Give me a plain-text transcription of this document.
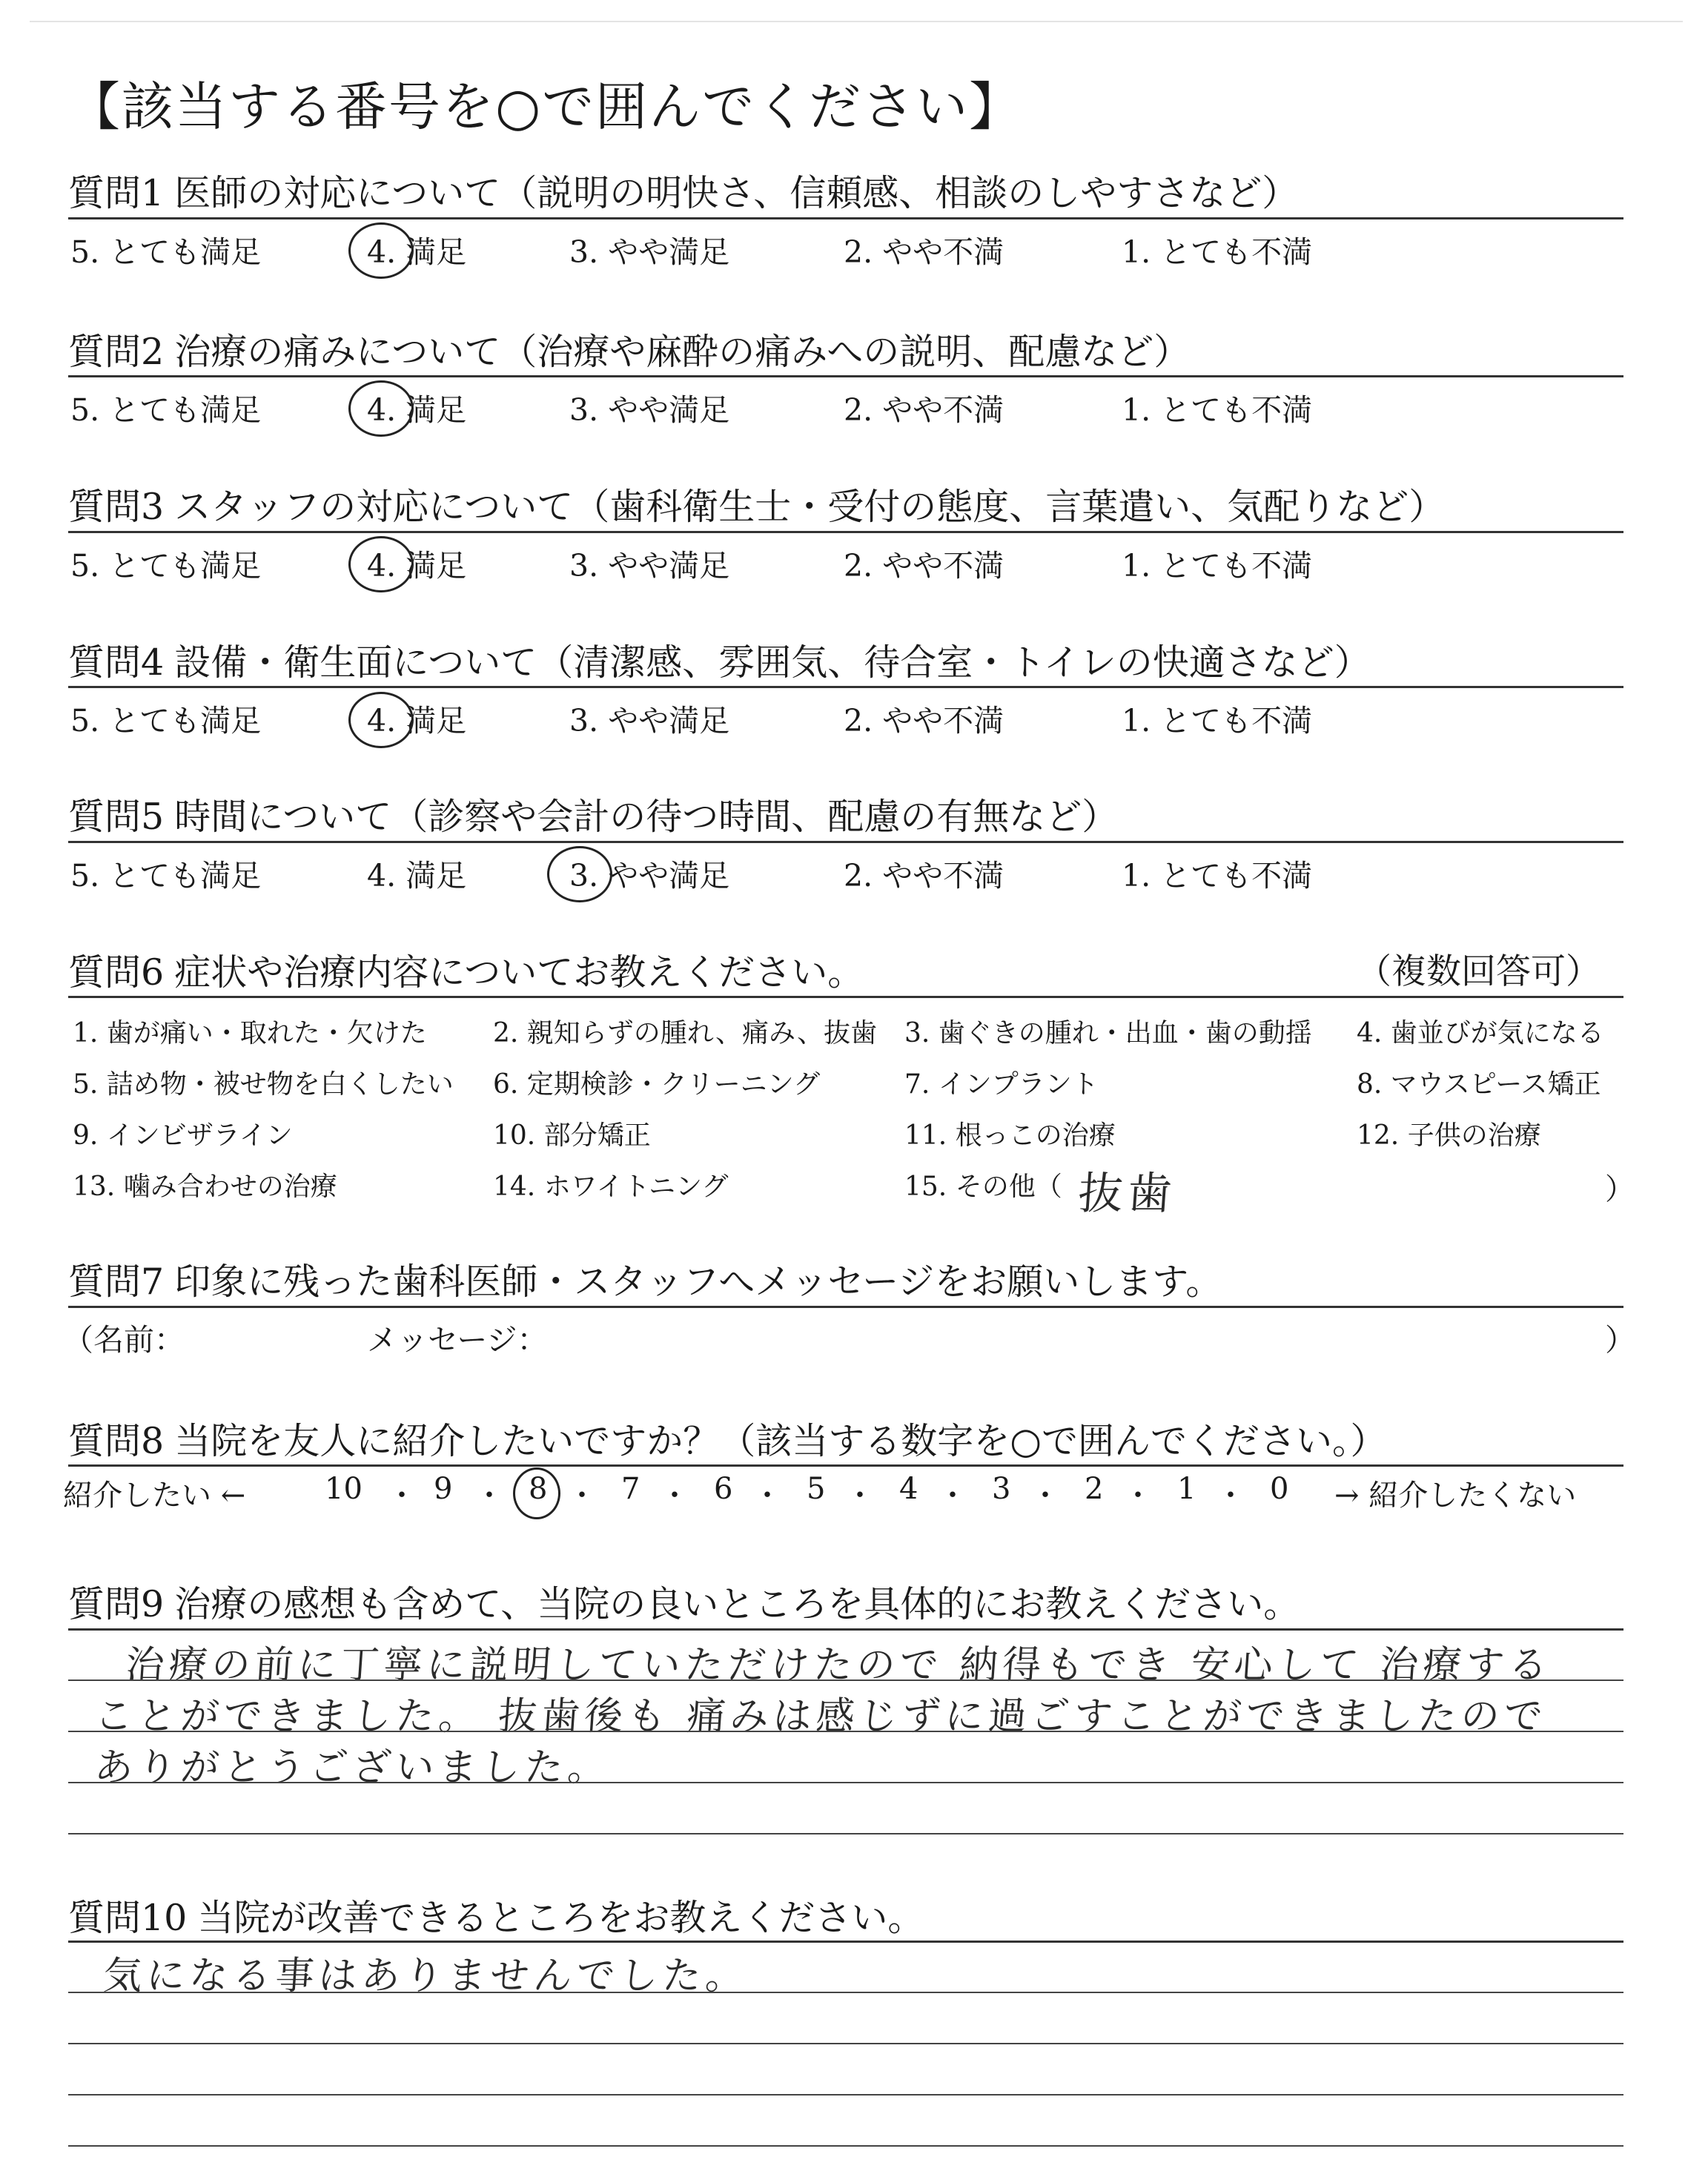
【該当する番号を○で囲んでください】
質問1 医師の対応について（説明の明快さ、信頼感、相談のしやすさなど）
5. とても満足	4. 満足	3. やや満足	2. やや不満	1. とても不満
質問2 治療の痛みについて（治療や麻酔の痛みへの説明、配慮など）
5. とても満足	4. 満足	3. やや満足	2. やや不満	1. とても不満
質問3 スタッフの対応について（歯科衛生士・受付の態度、言葉遣い、気配りなど）
5. とても満足	4. 満足	3. やや満足	2. やや不満	1. とても不満
質問4 設備・衛生面について（清潔感、雰囲気、待合室・トイレの快適さなど）
5. とても満足	4. 満足	3. やや満足	2. やや不満	1. とても不満
質問5 時間について（診察や会計の待つ時間、配慮の有無など）
5. とても満足	4. 満足	3. やや満足	2. やや不満	1. とても不満
質問6 症状や治療内容についてお教えください。	（複数回答可）
1. 歯が痛い・取れた・欠けた 2. 親知らずの腫れ、痛み、抜歯 3. 歯ぐきの腫れ・出血・歯の動揺 4. 歯並びが気になる
5. 詰め物・被せ物を白くしたい 6. 定期検診・クリーニング	7. インプラント	8. マウスピース矯正
9. インビザライン	10. 部分矯正	11. 根っこの治療	12. 子供の治療
13. 噛み合わせの治療	14. ホワイトニング	15. その他（ 抜歯	）
質問7 印象に残った歯科医師・スタッフへメッセージをお願いします。
（名前：	メッセージ：	）
質問8 当院を友人に紹介したいですか？（該当する数字を○で囲んでください。）
紹介したい ←	10 ・ 9 ・ 8 ・ 7 ・ 6 ・ 5 ・ 4 ・ 3 ・ 2 ・ 1 ・ 0 → 紹介したくない
質問9 治療の感想も含めて、当院の良いところを具体的にお教えください。
治療の前に丁寧に説明していただけたので 納得もでき 安心して 治療する
ことができました。 抜歯後も 痛みは感じずに過ごすことができましたので
ありがとうございました。
質問10 当院が改善できるところをお教えください。
気になる事はありませんでした。
